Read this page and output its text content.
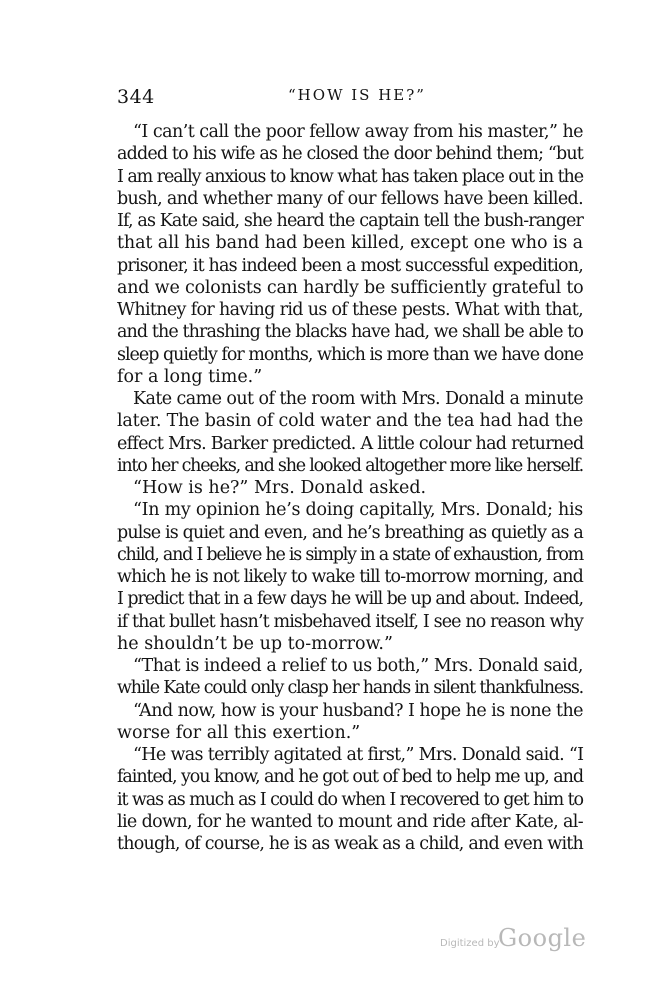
344	“HOW IS HE?”
“I can’t call the poor fellow away from his master,” he
added to his wife as he closed the door behind them; “but
I am really anxious to know what has taken place out in the
bush, and whether many of our fellows have been killed.
If, as Kate said, she heard the captain tell the bush-ranger
that all his band had been killed, except one who is a
prisoner, it has indeed been a most successful expedition,
and we colonists can hardly be sufficiently grateful to
Whitney for having rid us of these pests. What with that,
and the thrashing the blacks have had, we shall be able to
sleep quietly for months, which is more than we have done
for a long time.”
Kate came out of the room with Mrs. Donald a minute
later. The basin of cold water and the tea had had the
effect Mrs. Barker predicted. A little colour had returned
into her cheeks, and she looked altogether more like herself.
“How is he?” Mrs. Donald asked.
“In my opinion he’s doing capitally, Mrs. Donald; his
pulse is quiet and even, and he’s breathing as quietly as a
child, and I believe he is simply in a state of exhaustion, from
which he is not likely to wake till to-morrow morning, and
I predict that in a few days he will be up and about. Indeed,
if that bullet hasn’t misbehaved itself, I see no reason why
he shouldn’t be up to-morrow.”
“That is indeed a relief to us both,” Mrs. Donald said,
while Kate could only clasp her hands in silent thankfulness.
“And now, how is your husband? I hope he is none the
worse for all this exertion.”
“He was terribly agitated at first,” Mrs. Donald said. “I
fainted, you know, and he got out of bed to help me up, and
it was as much as I could do when I recovered to get him to
lie down, for he wanted to mount and ride after Kate, al-
though, of course, he is as weak as a child, and even with
Digitized by
Google
